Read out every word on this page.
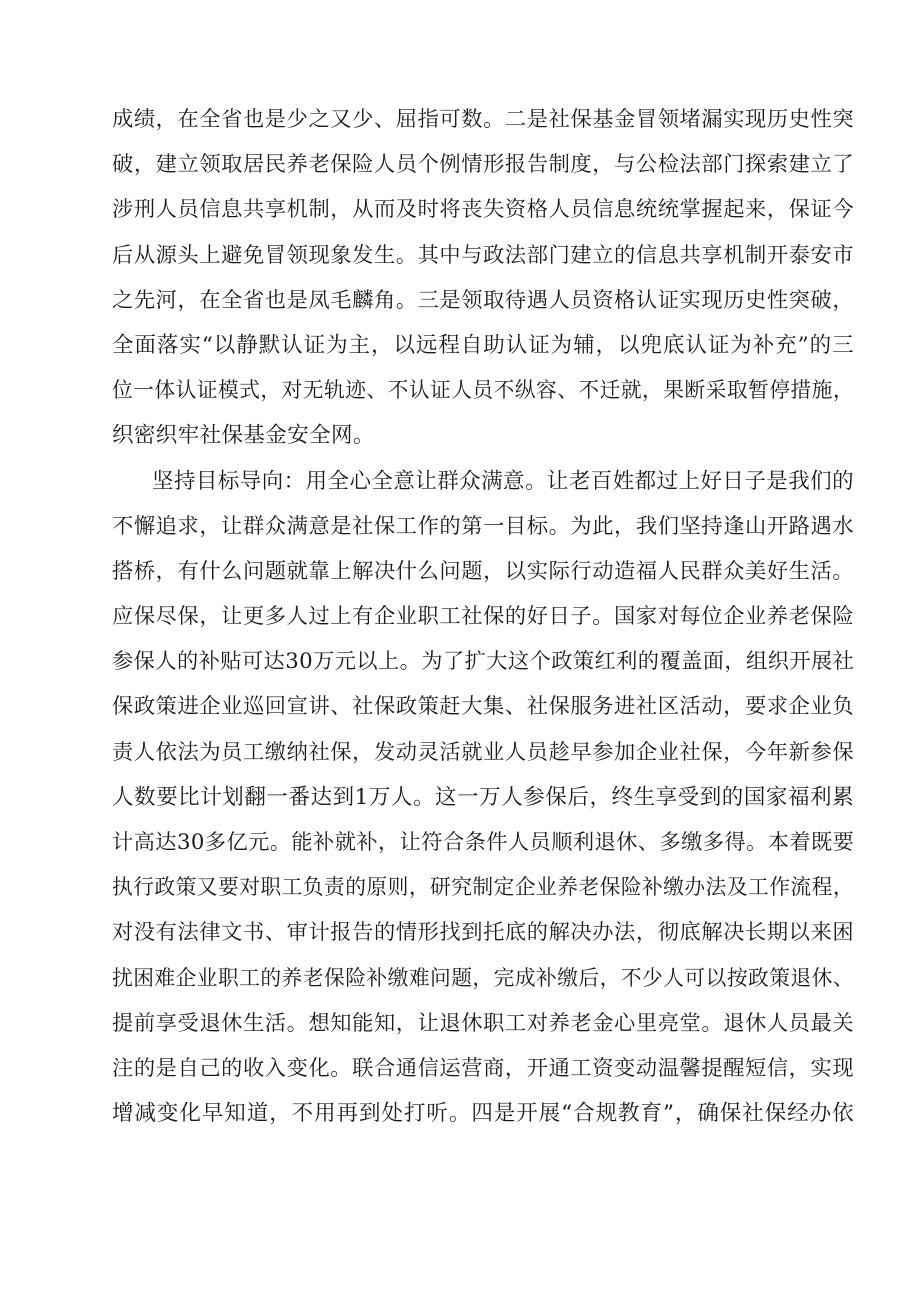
成绩，在全省也是少之又少、屈指可数。二是社保基金冒领堵漏实现历史性突
破，建立领取居民养老保险人员个例情形报告制度，与公检法部门探索建立了
涉刑人员信息共享机制，从而及时将丧失资格人员信息统统掌握起来，保证今
后从源头上避免冒领现象发生。其中与政法部门建立的信息共享机制开泰安市
之先河，在全省也是凤毛麟角。三是领取待遇人员资格认证实现历史性突破，
全面落实“以静默认证为主，以远程自助认证为辅，以兜底认证为补充”的三
位一体认证模式，对无轨迹、不认证人员不纵容、不迁就，果断采取暂停措施，
织密织牢社保基金安全网。
坚持目标导向：用全心全意让群众满意。让老百姓都过上好日子是我们的
不懈追求，让群众满意是社保工作的第一目标。为此，我们坚持逢山开路遇水
搭桥，有什么问题就靠上解决什么问题，以实际行动造福人民群众美好生活。
应保尽保，让更多人过上有企业职工社保的好日子。国家对每位企业养老保险
参保人的补贴可达30万元以上。为了扩大这个政策红利的覆盖面，组织开展社
保政策进企业巡回宣讲、社保政策赶大集、社保服务进社区活动，要求企业负
责人依法为员工缴纳社保，发动灵活就业人员趁早参加企业社保，今年新参保
人数要比计划翻一番达到1万人。这一万人参保后，终生享受到的国家福利累
计高达30多亿元。能补就补，让符合条件人员顺利退休、多缴多得。本着既要
执行政策又要对职工负责的原则，研究制定企业养老保险补缴办法及工作流程，
对没有法律文书、审计报告的情形找到托底的解决办法，彻底解决长期以来困
扰困难企业职工的养老保险补缴难问题，完成补缴后，不少人可以按政策退休、
提前享受退休生活。想知能知，让退休职工对养老金心里亮堂。退休人员最关
注的是自己的收入变化。联合通信运营商，开通工资变动温馨提醒短信，实现
增减变化早知道，不用再到处打听。四是开展“合规教育”，确保社保经办依
